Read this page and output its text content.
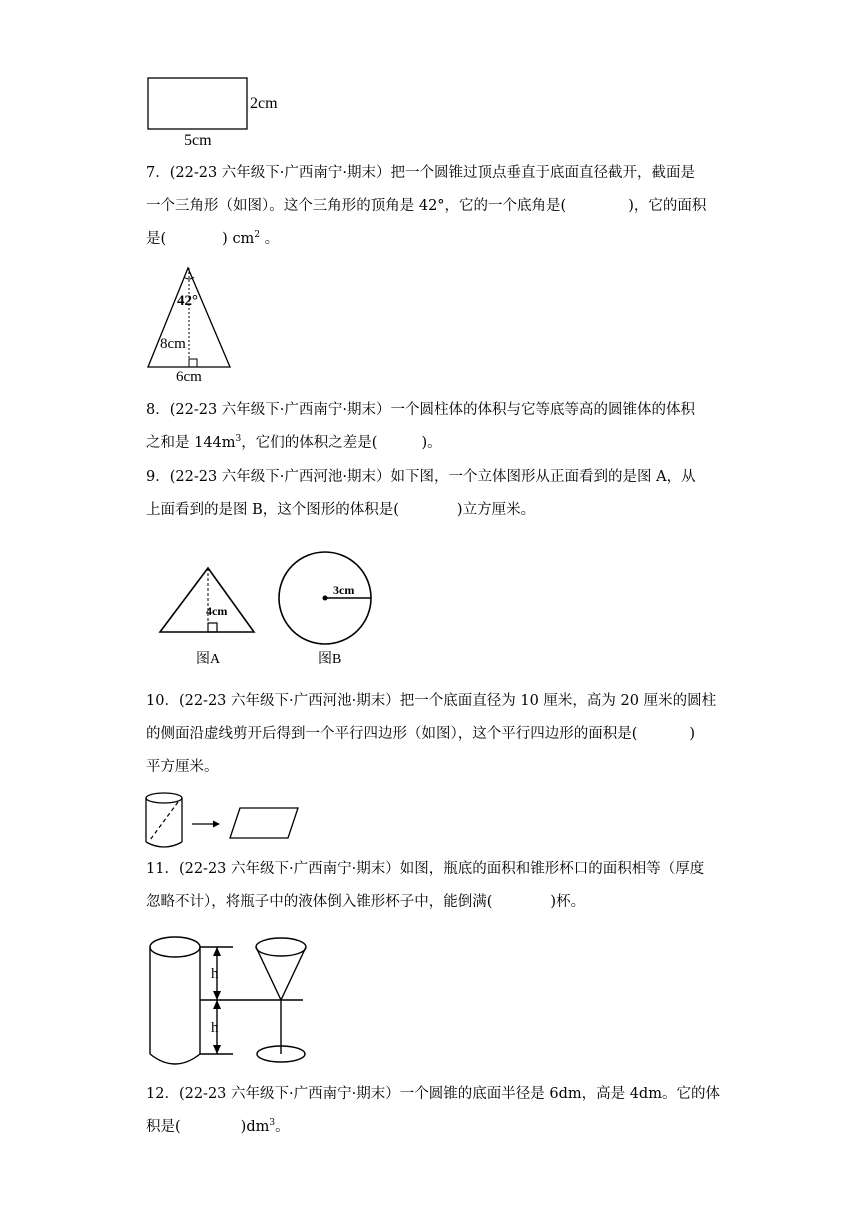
2cm
5cm
7．(22-23 六年级下·广西南宁·期末）把一个圆锥过顶点垂直于底面直径截开，截面是
一个三角形（如图）。这个三角形的顶角是 42°，它的一个底角是(	)，它的面积
是(	) $cm^2$ 。
42°
8cm
6cm
8．(22-23 六年级下·广西南宁·期末）一个圆柱体的体积与它等底等高的圆锥体的体积
之和是 $144m^3$，它们的体积之差是(	)。
9．(22-23 六年级下·广西河池·期末）如下图，一个立体图形从正面看到的是图 A，从
上面看到的是图 B，这个图形的体积是(	)立方厘米。
4cm
图A
3cm
图B
10．(22-23 六年级下·广西河池·期末）把一个底面直径为 10 厘米，高为 20 厘米的圆柱
的侧面沿虚线剪开后得到一个平行四边形（如图），这个平行四边形的面积是(	)
平方厘米。
11．(22-23 六年级下·广西南宁·期末）如图，瓶底的面积和锥形杯口的面积相等（厚度
忽略不计），将瓶子中的液体倒入锥形杯子中，能倒满(	)杯。
h
h
12．(22-23 六年级下·广西南宁·期末）一个圆锥的底面半径是 6dm，高是 4dm。它的体
积是(	)$dm^3$。
